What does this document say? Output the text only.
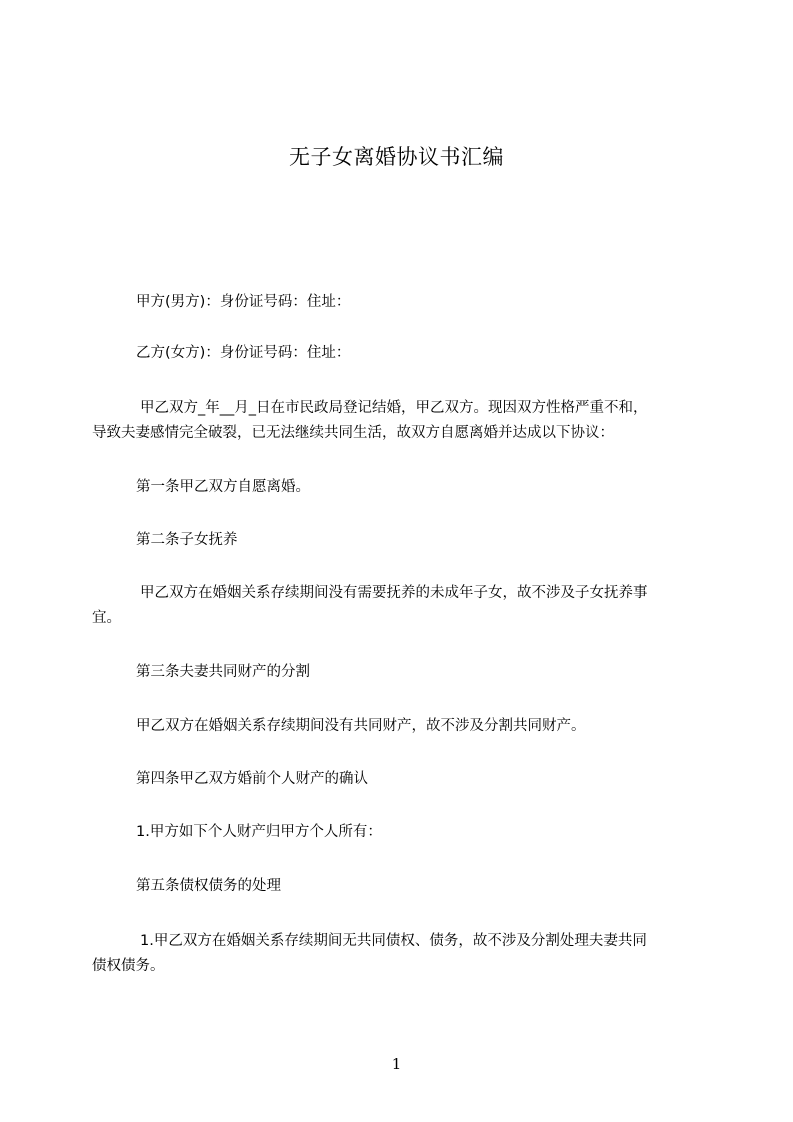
无子女离婚协议书汇编
甲方(男方)：身份证号码：住址：
乙方(女方)：身份证号码：住址：
甲乙双方_年__月_日在市民政局登记结婚，甲乙双方。现因双方性格严重不和，
导致夫妻感情完全破裂，已无法继续共同生活，故双方自愿离婚并达成以下协议：
第一条甲乙双方自愿离婚。
第二条子女抚养
甲乙双方在婚姻关系存续期间没有需要抚养的未成年子女，故不涉及子女抚养事
宜。
第三条夫妻共同财产的分割
甲乙双方在婚姻关系存续期间没有共同财产，故不涉及分割共同财产。
第四条甲乙双方婚前个人财产的确认
1.甲方如下个人财产归甲方个人所有：
第五条债权债务的处理
1.甲乙双方在婚姻关系存续期间无共同债权、债务，故不涉及分割处理夫妻共同
债权债务。
1
